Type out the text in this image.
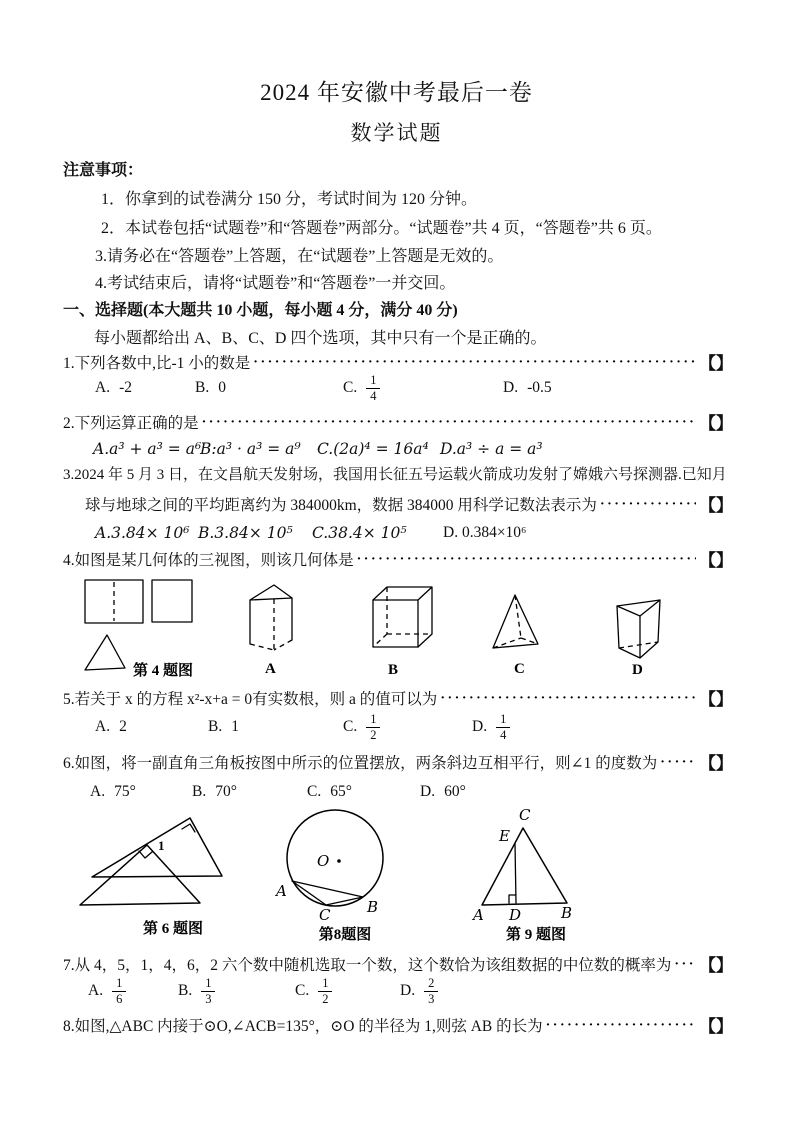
2024 年安徽中考最后一卷
数学试题
注意事项：
1．你拿到的试卷满分 150 分，考试时间为 120 分钟。
2．本试卷包括“试题卷”和“答题卷”两部分。“试题卷”共 4 页，“答题卷”共 6 页。
3.请务必在“答题卷”上答题，在“试题卷”上答题是无效的。
4.考试结束后，请将“试题卷”和“答题卷”一并交回。
一、选择题(本大题共 10 小题，每小题 4 分，满分 40 分)
每小题都给出 A、B、C、D 四个选项，其中只有一个是正确的。
1.下列各数中,比-1 小的数是 ·····	【】
A. -2	B. 0	C. $\frac{1}{4}$	D. -0.5
2.下列运算正确的是 ·····	【】
A.a³ + a³ = a⁶
B:a³ · a³ = a⁹ C.(2a)⁴ = 16a⁴ D.a³ ÷ a = a³
3.2024 年 5 月 3 日，在文昌航天发射场，我国用长征五号运载火箭成功发射了嫦娥六号探测器.已知月
球与地球之间的平均距离约为 384000km，数据 384000 用科学记数法表示为 ·····	【】
A.3.84× 10⁶ B.3.84× 10⁵ C.38.4× 10⁵ D. 0.384×10⁶
4.如图是某几何体的三视图，则该几何体是 ·····	【】
第 4 题图	A	B	C	D
5.若关于 x 的方程 x²-x+a = 0有实数根，则 a 的值可以为 ·····	【】
A. 2	B. 1	C. $\frac{1}{2}$	D. $\frac{1}{4}$
6.如图，将一副直角三角板按图中所示的位置摆放，两条斜边互相平行，则∠1 的度数为 ····· 【】
A. 75°	B. 70°	C. 65°	D. 60°
1
第 6 题图
O
A
C B
第8题图
C
E
A D	B
第 9 题图
7.从 4，5，1，4，6，2 六个数中随机选取一个数，这个数恰为该组数据的中位数的概率为 ····· 【】
A. $\frac{1}{6}$	B. $\frac{1}{3}$	C. $\frac{1}{2}$	D. $\frac{2}{3}$
8.如图,△ABC 内接于⊙O,∠ACB=135°，⊙O 的半径为 1,则弦 AB 的长为 ·····	【】
